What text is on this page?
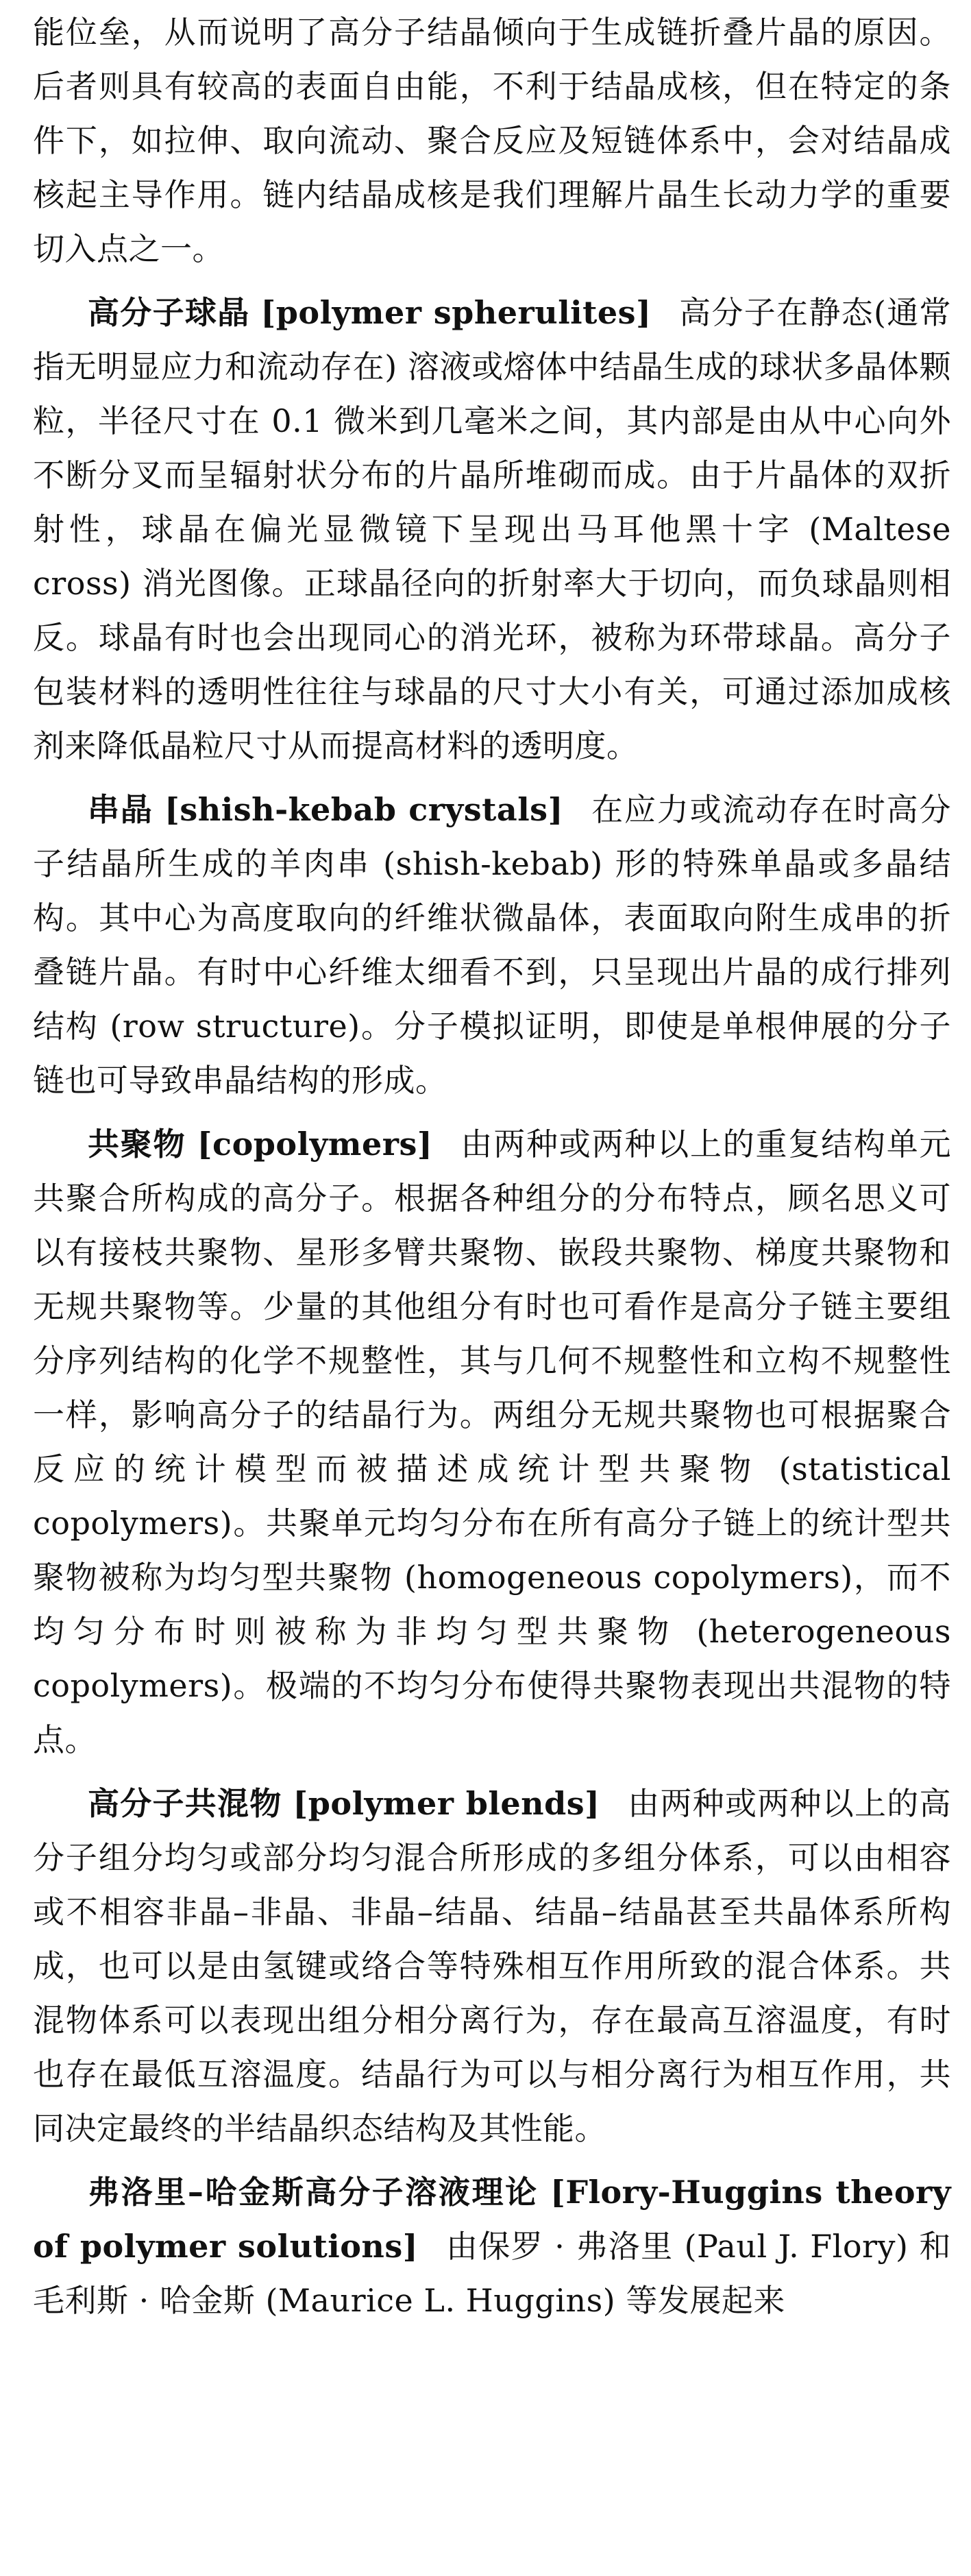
能位垒，从而说明了高分子结晶倾向于生成链折叠片晶的原因。后者则具有较高的表面自由能，不利于结晶成核，但在特定的条件下，如拉伸、取向流动、聚合反应及短链体系中，会对结晶成核起主导作用。链内结晶成核是我们理解片晶生长动力学的重要切入点之一。

高分子球晶 [polymer spherulites] 高分子在静态(通常指无明显应力和流动存在) 溶液或熔体中结晶生成的球状多晶体颗粒，半径尺寸在 0.1 微米到几毫米之间，其内部是由从中心向外不断分叉而呈辐射状分布的片晶所堆砌而成。由于片晶体的双折射性，球晶在偏光显微镜下呈现出马耳他黑十字 (Maltese cross) 消光图像。正球晶径向的折射率大于切向，而负球晶则相反。球晶有时也会出现同心的消光环，被称为环带球晶。高分子包装材料的透明性往往与球晶的尺寸大小有关，可通过添加成核剂来降低晶粒尺寸从而提高材料的透明度。

串晶 [shish-kebab crystals] 在应力或流动存在时高分子结晶所生成的羊肉串 (shish-kebab) 形的特殊单晶或多晶结构。其中心为高度取向的纤维状微晶体，表面取向附生成串的折叠链片晶。有时中心纤维太细看不到，只呈现出片晶的成行排列结构 (row structure)。分子模拟证明，即使是单根伸展的分子链也可导致串晶结构的形成。

共聚物 [copolymers] 由两种或两种以上的重复结构单元共聚合所构成的高分子。根据各种组分的分布特点，顾名思义可以有接枝共聚物、星形多臂共聚物、嵌段共聚物、梯度共聚物和无规共聚物等。少量的其他组分有时也可看作是高分子链主要组分序列结构的化学不规整性，其与几何不规整性和立构不规整性一样，影响高分子的结晶行为。两组分无规共聚物也可根据聚合反应的统计模型而被描述成统计型共聚物 (statistical copolymers)。共聚单元均匀分布在所有高分子链上的统计型共聚物被称为均匀型共聚物 (homogeneous copolymers)，而不均匀分布时则被称为非均匀型共聚物 (heterogeneous copolymers)。极端的不均匀分布使得共聚物表现出共混物的特点。

高分子共混物 [polymer blends] 由两种或两种以上的高分子组分均匀或部分均匀混合所形成的多组分体系，可以由相容或不相容非晶–非晶、非晶–结晶、结晶–结晶甚至共晶体系所构成，也可以是由氢键或络合等特殊相互作用所致的混合体系。共混物体系可以表现出组分相分离行为，存在最高互溶温度，有时也存在最低互溶温度。结晶行为可以与相分离行为相互作用，共同决定最终的半结晶织态结构及其性能。

弗洛里–哈金斯高分子溶液理论 [Flory-Huggins theory of polymer solutions] 由保罗 · 弗洛里 (Paul J. Flory) 和毛利斯 · 哈金斯 (Maurice L. Huggins) 等发展起来
